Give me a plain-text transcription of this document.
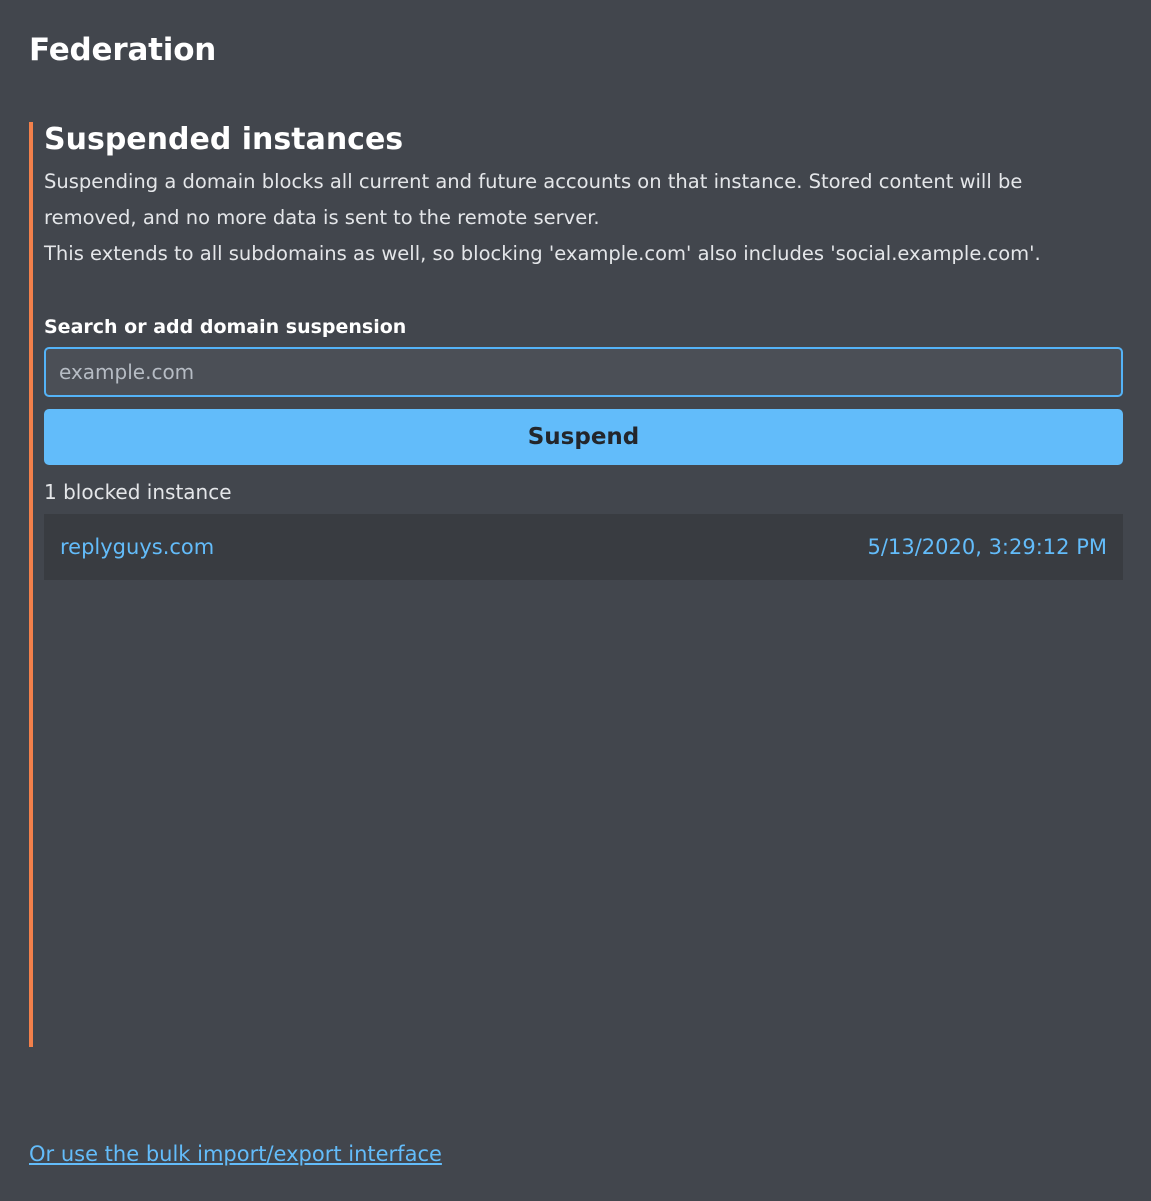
Federation
Suspended instances

Suspending a domain blocks all current and future accounts on that instance. Stored content will be removed, and no more data is sent to the remote server.

This extends to all subdomains as well, so blocking 'example.com' also includes 'social.example.com'.

Search or add domain suspension
example.com
Suspend
1 blocked instance
replyguys.com	5/13/2020, 3:29:12 PM
Or use the bulk import/export interface
